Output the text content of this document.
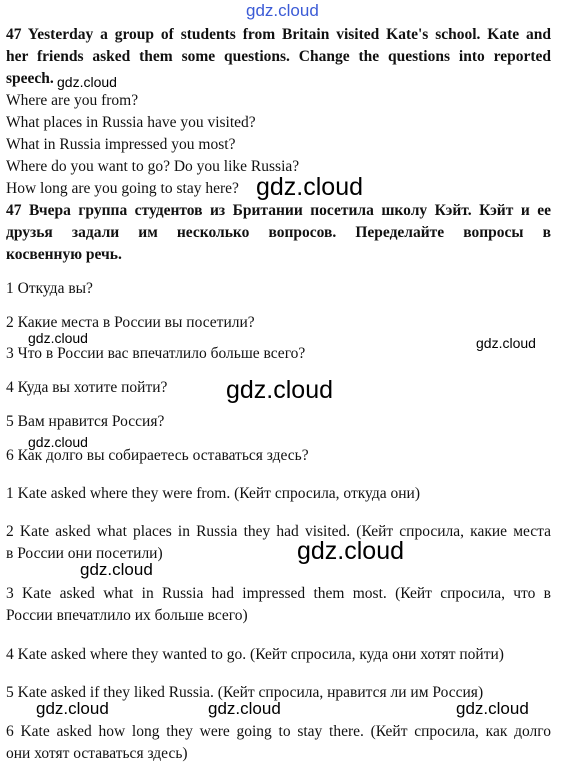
gdz.cloud
gdz.cloud
gdz.cloud
gdz.cloud	gdz.cloud
gdz.cloud
gdz.cloud
gdz.cloud
gdz.cloud
gdz.cloud	gdz.cloud	gdz.cloud
47 Yesterday a group of students from Britain visited Kate's school. Kate and
her friends asked them some questions. Change the questions into reported
speech.
Where are you from?
What places in Russia have you visited?
What in Russia impressed you most?
Where do you want to go? Do you like Russia?
How long are you going to stay here?
47 Вчера группа студентов из Британии посетила школу Кэйт. Кэйт и ее
друзья задали им несколько вопросов. Переделайте вопросы в
косвенную речь.
1 Откуда вы?
2 Какие места в России вы посетили?
3 Что в России вас впечатлило больше всего?
4 Куда вы хотите пойти?
5 Вам нравится Россия?
6 Как долго вы собираетесь оставаться здесь?
1 Kate asked where they were from. (Кейт спросила, откуда они)
2 Kate asked what places in Russia they had visited. (Кейт спросила, какие места
в России они посетили)
3 Kate asked what in Russia had impressed them most. (Кейт спросила, что в
России впечатлило их больше всего)
4 Kate asked where they wanted to go. (Кейт спросила, куда они хотят пойти)
5 Kate asked if they liked Russia. (Кейт спросила, нравится ли им Россия)
6 Kate asked how long they were going to stay there. (Кейт спросила, как долго
они хотят оставаться здесь)
